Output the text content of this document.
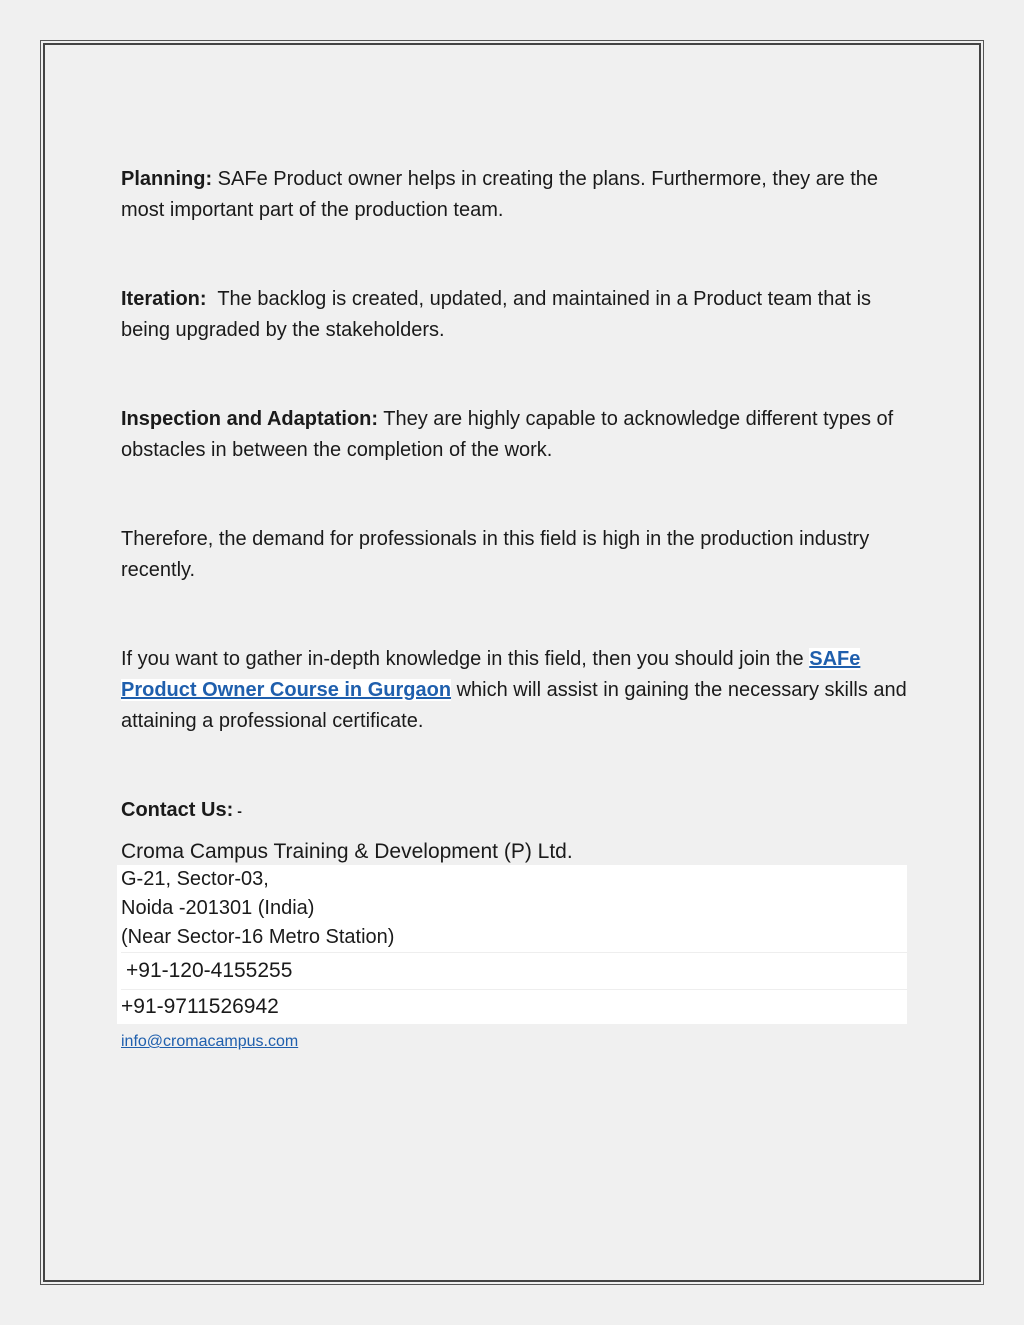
Planning: SAFe Product owner helps in creating the plans. Furthermore, they are the most important part of the production team.

Iteration:  The backlog is created, updated, and maintained in a Product team that is being upgraded by the stakeholders.

Inspection and Adaptation: They are highly capable to acknowledge different types of obstacles in between the completion of the work.

Therefore, the demand for professionals in this field is high in the production industry recently.

If you want to gather in-depth knowledge in this field, then you should join the SAFe Product Owner Course in Gurgaon which will assist in gaining the necessary skills and attaining a professional certificate.

Contact Us: -
Croma Campus Training & Development (P) Ltd.
G-21, Sector-03,
Noida -201301 (India)
(Near Sector-16 Metro Station)
+91-120-4155255
+91-9711526942
info@cromacampus.com
